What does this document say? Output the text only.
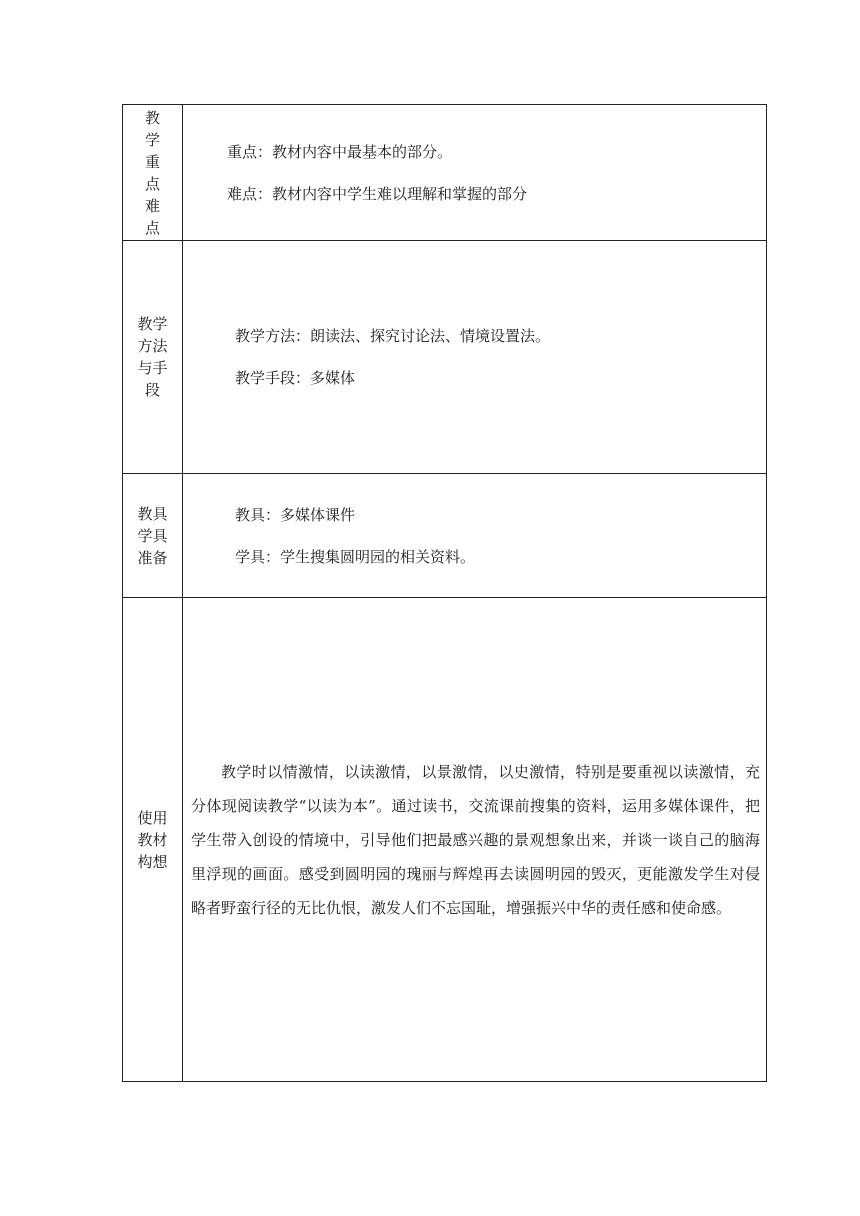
教学重点难点	重点：教材内容中最基本的部分。
难点：教材内容中学生难以理解和掌握的部分

教学方法与手段	教学方法：朗读法、探究讨论法、情境设置法。
教学手段：多媒体

教具学具准备	教具：多媒体课件
学具：学生搜集圆明园的相关资料。

使用教材构想	教学时以情激情，以读激情，以景激情，以史激情，特别是要重视以读激情，充分体现阅读教学“以读为本”。通过读书，交流课前搜集的资料，运用多媒体课件，把学生带入创设的情境中，引导他们把最感兴趣的景观想象出来，并谈一谈自己的脑海里浮现的画面。感受到圆明园的瑰丽与辉煌再去读圆明园的毁灭，更能激发学生对侵略者野蛮行径的无比仇恨，激发人们不忘国耻，增强振兴中华的责任感和使命感。
